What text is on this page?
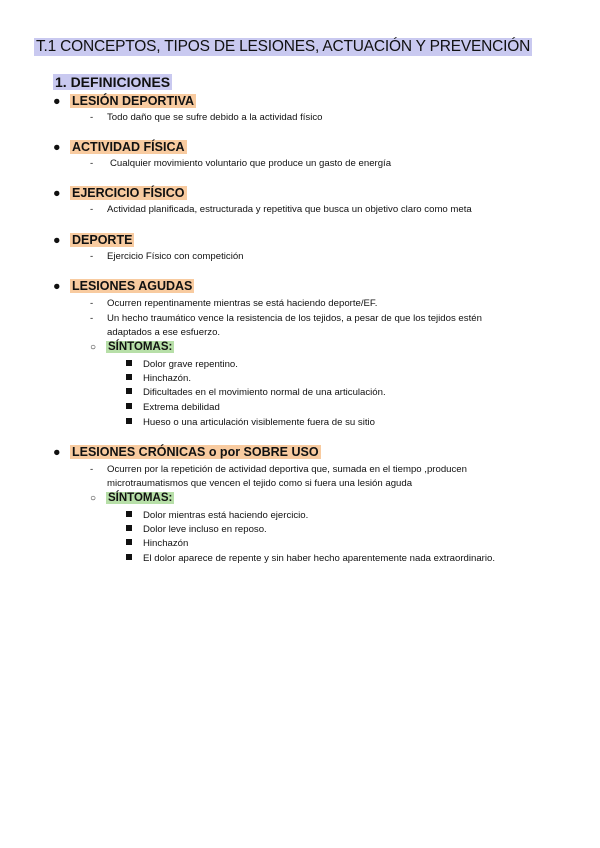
T.1 CONCEPTOS, TIPOS DE LESIONES, ACTUACIÓN Y PREVENCIÓN
1. DEFINICIONES
● LESIÓN DEPORTIVA
- Todo daño que se sufre debido a la actividad físico
● ACTIVIDAD FÍSICA
- Cualquier movimiento voluntario que produce un gasto de energía
● EJERCICIO FÍSICO
- Actividad planificada, estructurada y repetitiva que busca un objetivo claro como meta
● DEPORTE
- Ejercicio Físico con competición
● LESIONES AGUDAS
- Ocurren repentinamente mientras se está haciendo deporte/EF.
- Un hecho traumático vence la resistencia de los tejidos, a pesar de que los tejidos estén
adaptados a ese esfuerzo.
○ SÍNTOMAS:
Dolor grave repentino.
Hinchazón.
Dificultades en el movimiento normal de una articulación.
Extrema debilidad
Hueso o una articulación visiblemente fuera de su sitio
● LESIONES CRÓNICAS o por SOBRE USO
- Ocurren por la repetición de actividad deportiva que, sumada en el tiempo ,producen
microtraumatismos que vencen el tejido como si fuera una lesión aguda
○ SÍNTOMAS:
Dolor mientras está haciendo ejercicio.
Dolor leve incluso en reposo.
Hinchazón
El dolor aparece de repente y sin haber hecho aparentemente nada extraordinario.
